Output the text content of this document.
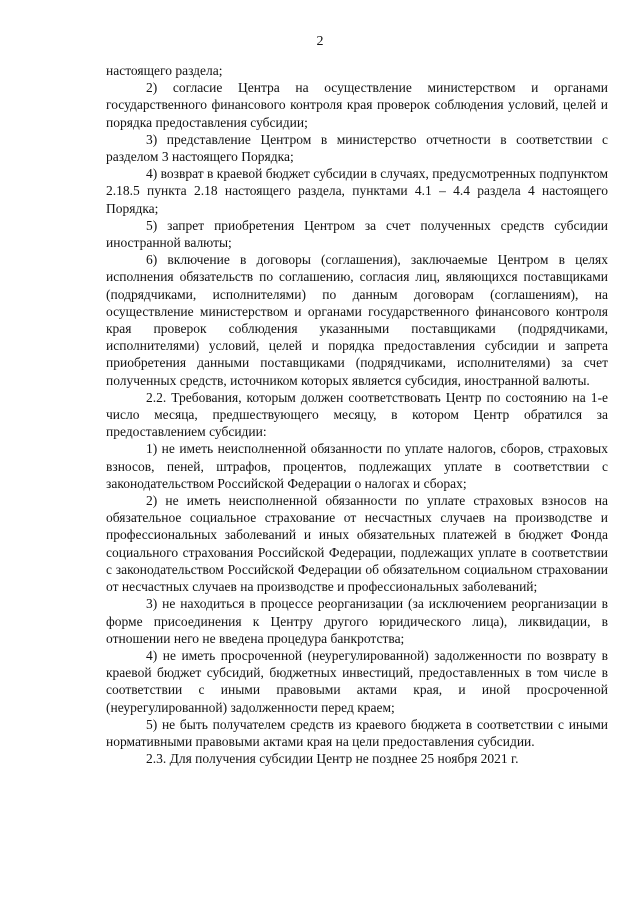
2

настоящего раздела;

2) согласие Центра на осуществление министерством и органами государственного финансового контроля края проверок соблюдения условий, целей и порядка предоставления субсидии;

3) представление Центром в министерство отчетности в соответствии с разделом 3 настоящего Порядка;

4) возврат в краевой бюджет субсидии в случаях, предусмотренных подпунктом 2.18.5 пункта 2.18 настоящего раздела, пунктами 4.1 – 4.4 раздела 4 настоящего Порядка;

5) запрет приобретения Центром за счет полученных средств субсидии иностранной валюты;

6) включение в договоры (соглашения), заключаемые Центром в целях исполнения обязательств по соглашению, согласия лиц, являющихся поставщиками (подрядчиками, исполнителями) по данным договорам (соглашениям), на осуществление министерством и органами государственного финансового контроля края проверок соблюдения указанными поставщиками (подрядчиками, исполнителями) условий, целей и порядка предоставления субсидии и запрета приобретения данными поставщиками (подрядчиками, исполнителями) за счет полученных средств, источником которых является субсидия, иностранной валюты.

2.2. Требования, которым должен соответствовать Центр по состоянию на 1-е число месяца, предшествующего месяцу, в котором Центр обратился за предоставлением субсидии:

1) не иметь неисполненной обязанности по уплате налогов, сборов, страховых взносов, пеней, штрафов, процентов, подлежащих уплате в соответствии с законодательством Российской Федерации о налогах и сборах;

2) не иметь неисполненной обязанности по уплате страховых взносов на обязательное социальное страхование от несчастных случаев на производстве и профессиональных заболеваний и иных обязательных платежей в бюджет Фонда социального страхования Российской Федерации, подлежащих уплате в соответствии с законодательством Российской Федерации об обязательном социальном страховании от несчастных случаев на производстве и профессиональных заболеваний;

3) не находиться в процессе реорганизации (за исключением реорганизации в форме присоединения к Центру другого юридического лица), ликвидации, в отношении него не введена процедура банкротства;

4) не иметь просроченной (неурегулированной) задолженности по возврату в краевой бюджет субсидий, бюджетных инвестиций, предоставленных в том числе в соответствии с иными правовыми актами края, и иной просроченной (неурегулированной) задолженности перед краем;

5) не быть получателем средств из краевого бюджета в соответствии с иными нормативными правовыми актами края на цели предоставления субсидии.

2.3. Для получения субсидии Центр не позднее 25 ноября 2021 г.
